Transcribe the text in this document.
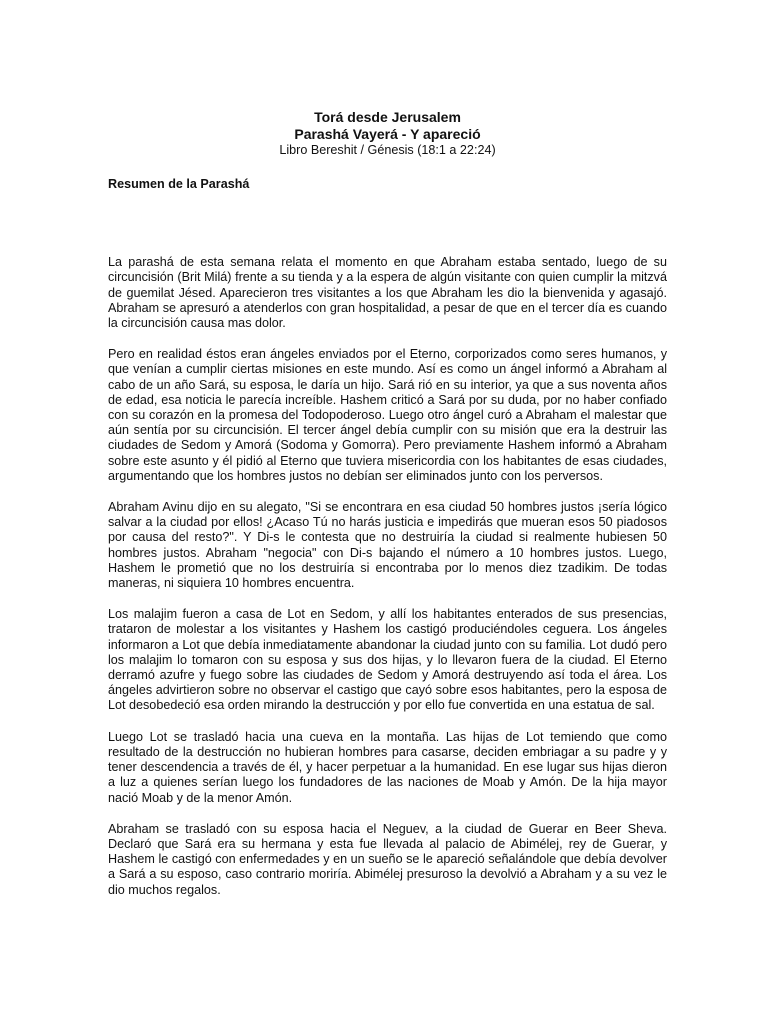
Torá desde Jerusalem
Parashá Vayerá - Y apareció
Libro Bereshit / Génesis (18:1 a 22:24)
Resumen de la Parashá

La parashá de esta semana relata el momento en que Abraham estaba sentado, luego de su circuncisión (Brit Milá) frente a su tienda y a la espera de algún visitante con quien cumplir la mitzvá de guemilat Jésed. Aparecieron tres visitantes a los que Abraham les dio la bienvenida y agasajó. Abraham se apresuró a atenderlos con gran hospitalidad, a pesar de que en el tercer día es cuando la circuncisión causa mas dolor.

Pero en realidad éstos eran ángeles enviados por el Eterno, corporizados como seres humanos, y que venían a cumplir ciertas misiones en este mundo. Así es como un ángel informó a Abraham al cabo de un año Sará, su esposa, le daría un hijo. Sará rió en su interior, ya que a sus noventa años de edad, esa noticia le parecía increíble. Hashem criticó a Sará por su duda, por no haber confiado con su corazón en la promesa del Todopoderoso. Luego otro ángel curó a Abraham el malestar que aún sentía por su circuncisión. El tercer ángel debía cumplir con su misión que era la destruir las ciudades de Sedom y Amorá (Sodoma y Gomorra). Pero previamente Hashem informó a Abraham sobre este asunto y él pidió al Eterno que tuviera misericordia con los habitantes de esas ciudades, argumentando que los hombres justos no debían ser eliminados junto con los perversos.

Abraham Avinu dijo en su alegato, "Si se encontrara en esa ciudad 50 hombres justos ¡sería lógico salvar a la ciudad por ellos! ¿Acaso Tú no harás justicia e impedirás que mueran esos 50 piadosos por causa del resto?". Y Di-s le contesta que no destruiría la ciudad si realmente hubiesen 50 hombres justos. Abraham "negocia" con Di-s bajando el número a 10 hombres justos. Luego, Hashem le prometió que no los destruiría si encontraba por lo menos diez tzadikim. De todas maneras, ni siquiera 10 hombres encuentra.

Los malajim fueron a casa de Lot en Sedom, y allí los habitantes enterados de sus presencias, trataron de molestar a los visitantes y Hashem los castigó produciéndoles ceguera. Los ángeles informaron a Lot que debía inmediatamente abandonar la ciudad junto con su familia. Lot dudó pero los malajim lo tomaron con su esposa y sus dos hijas, y lo llevaron fuera de la ciudad. El Eterno derramó azufre y fuego sobre las ciudades de Sedom y Amorá destruyendo así toda el área. Los ángeles advirtieron sobre no observar el castigo que cayó sobre esos habitantes, pero la esposa de Lot desobedeció esa orden mirando la destrucción y por ello fue convertida en una estatua de sal.

Luego Lot se trasladó hacia una cueva en la montaña. Las hijas de Lot temiendo que como resultado de la destrucción no hubieran hombres para casarse, deciden embriagar a su padre y y tener descendencia a través de él, y hacer perpetuar a la humanidad. En ese lugar sus hijas dieron a luz a quienes serían luego los fundadores de las naciones de Moab y Amón. De la hija mayor nació Moab y de la menor Amón.

Abraham se trasladó con su esposa hacia el Neguev, a la ciudad de Guerar en Beer Sheva. Declaró que Sará era su hermana y esta fue llevada al palacio de Abimélej, rey de Guerar, y Hashem le castigó con enfermedades y en un sueño se le apareció señalándole que debía devolver a Sará a su esposo, caso contrario moriría. Abimélej presuroso la devolvió a Abraham y a su vez le dio muchos regalos.
